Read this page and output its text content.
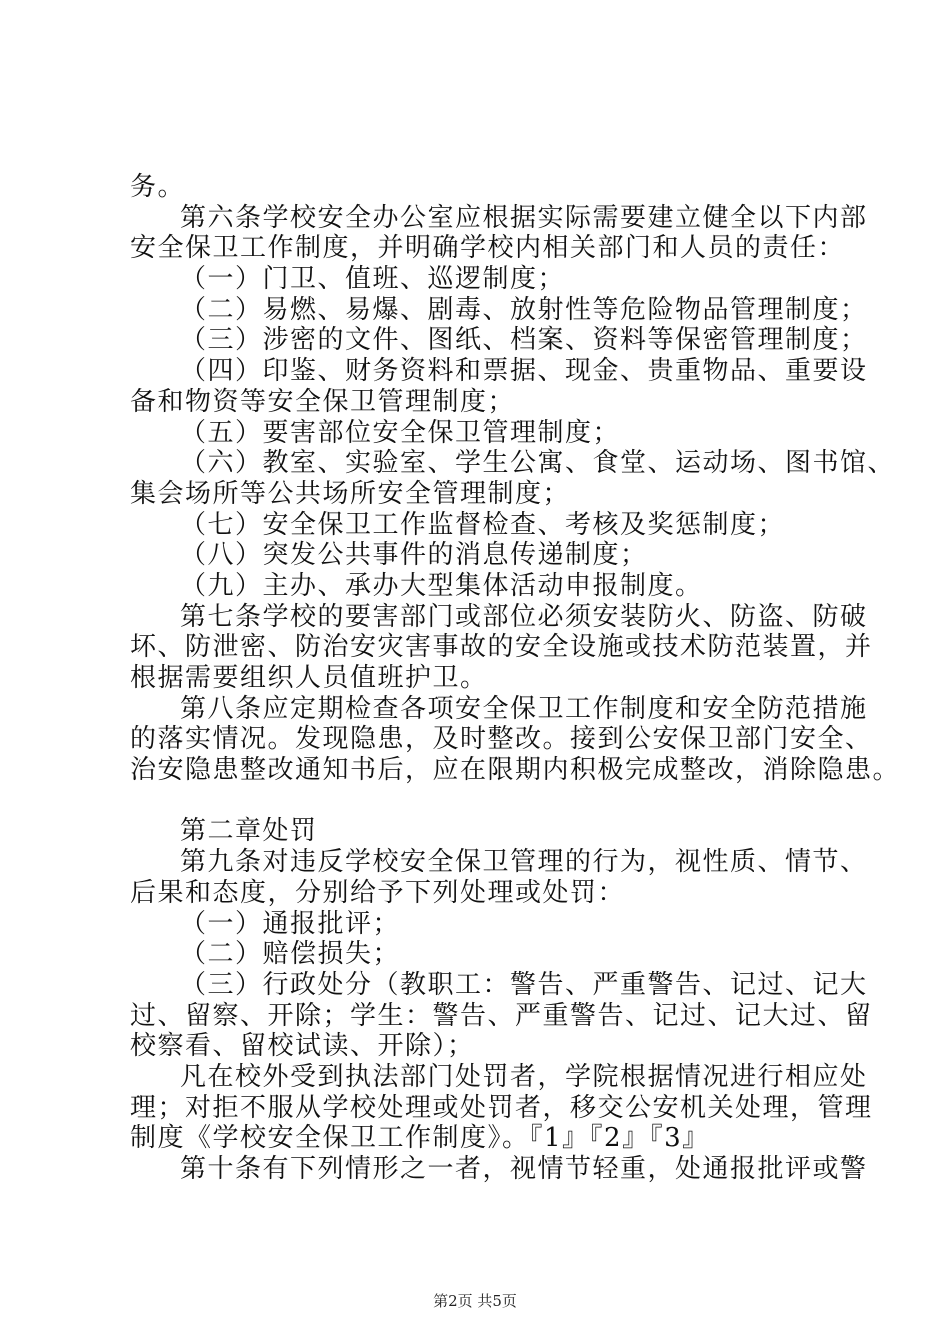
务。
第六条学校安全办公室应根据实际需要建立健全以下内部
安全保卫工作制度，并明确学校内相关部门和人员的责任：
（一）门卫、值班、巡逻制度；
（二）易燃、易爆、剧毒、放射性等危险物品管理制度；
（三）涉密的文件、图纸、档案、资料等保密管理制度；
（四）印鉴、财务资料和票据、现金、贵重物品、重要设
备和物资等安全保卫管理制度；
（五）要害部位安全保卫管理制度；
（六）教室、实验室、学生公寓、食堂、运动场、图书馆、
集会场所等公共场所安全管理制度；
（七）安全保卫工作监督检查、考核及奖惩制度；
（八）突发公共事件的消息传递制度；
（九）主办、承办大型集体活动申报制度。
第七条学校的要害部门或部位必须安装防火、防盗、防破
坏、防泄密、防治安灾害事故的安全设施或技术防范装置，并
根据需要组织人员值班护卫。
第八条应定期检查各项安全保卫工作制度和安全防范措施
的落实情况。发现隐患，及时整改。接到公安保卫部门安全、
治安隐患整改通知书后，应在限期内积极完成整改，消除隐患。
第二章处罚
第九条对违反学校安全保卫管理的行为，视性质、情节、
后果和态度，分别给予下列处理或处罚：
（一）通报批评；
（二）赔偿损失；
（三）行政处分（教职工：警告、严重警告、记过、记大
过、留察、开除；学生：警告、严重警告、记过、记大过、留
校察看、留校试读、开除）；
凡在校外受到执法部门处罚者，学院根据情况进行相应处
理；对拒不服从学校处理或处罚者，移交公安机关处理，管理
制度《学校安全保卫工作制度》。『1』『2』『3』
第十条有下列情形之一者，视情节轻重，处通报批评或警
第2页 共5页
